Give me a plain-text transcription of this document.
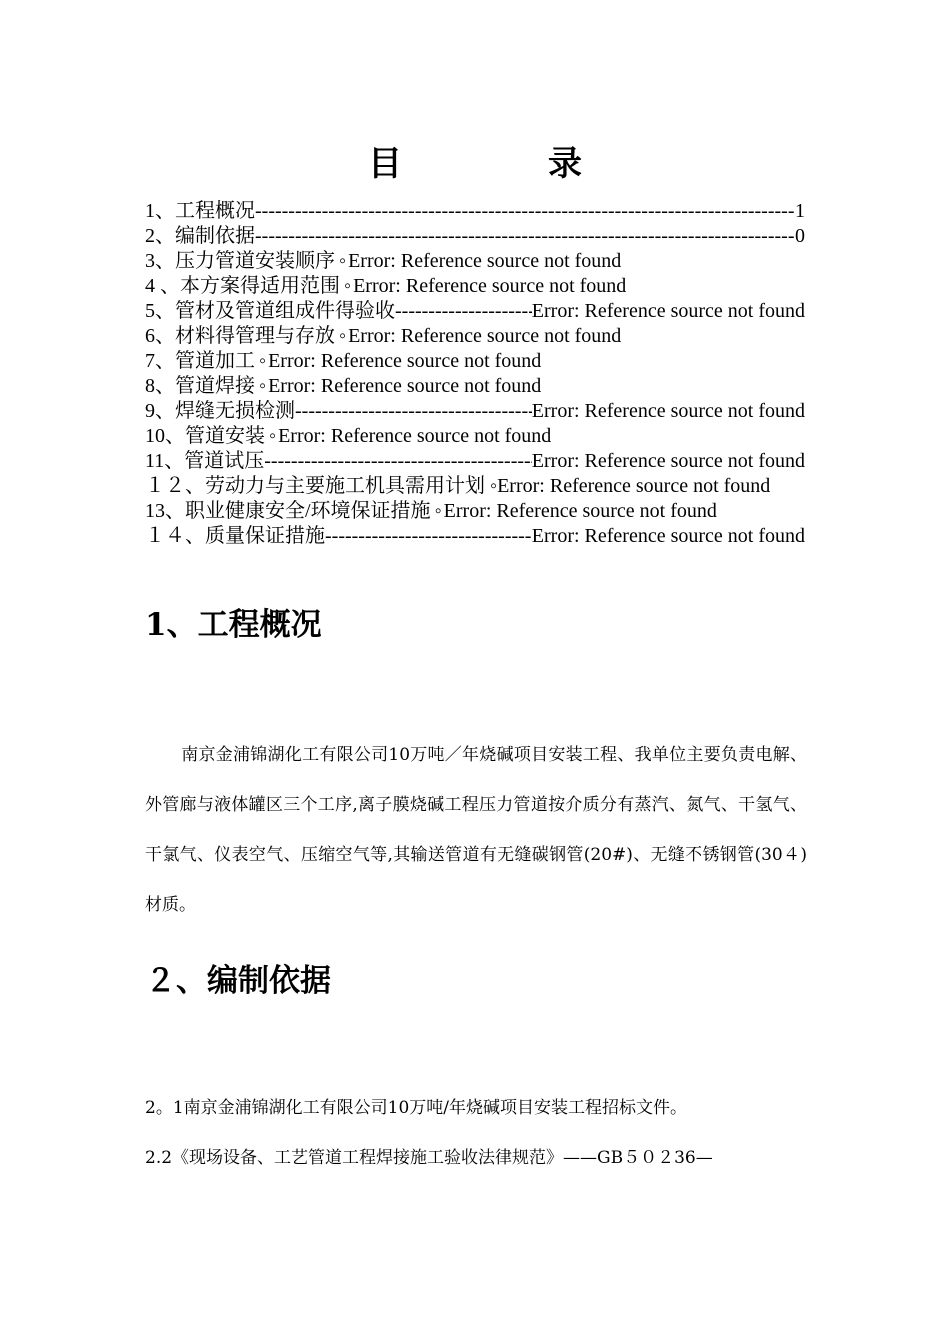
目　录
1、工程概况 -----	1
2、编制依据 -----	0
3、压力管道安装顺序 ◦ Error: Reference source not found
4 、本方案得适用范围 ◦ Error: Reference source not found
5、管材及管道组成件得验收 -----	Error: Reference source not found
6、材料得管理与存放 ◦ Error: Reference source not found
7、管道加工 ◦ Error: Reference source not found
8、管道焊接 ◦ Error: Reference source not found
9、焊缝无损检测 -----	Error: Reference source not found
10、管道安装 ◦ Error: Reference source not found
11、管道试压 -----	Error: Reference source not found
１２、劳动力与主要施工机具需用计划 ◦Error: Reference source not found
13、职业健康安全/环境保证措施 ◦ Error: Reference source not found
１４、质量保证措施 -----	Error: Reference source not found
1、工程概况
南京金浦锦湖化工有限公司10万吨／年烧碱项目安装工程、我单位主要负责电解、外管廊与液体罐区三个工序,离子膜烧碱工程压力管道按介质分有蒸汽、氮气、干氢气、干氯气、仪表空气、压缩空气等,其输送管道有无缝碳钢管(20#)、无缝不锈钢管(30４)材质。
２、编制依据
2。1南京金浦锦湖化工有限公司10万吨/年烧碱项目安装工程招标文件。
2.2《现场设备、工艺管道工程焊接施工验收法律规范》——GB５０２36—
